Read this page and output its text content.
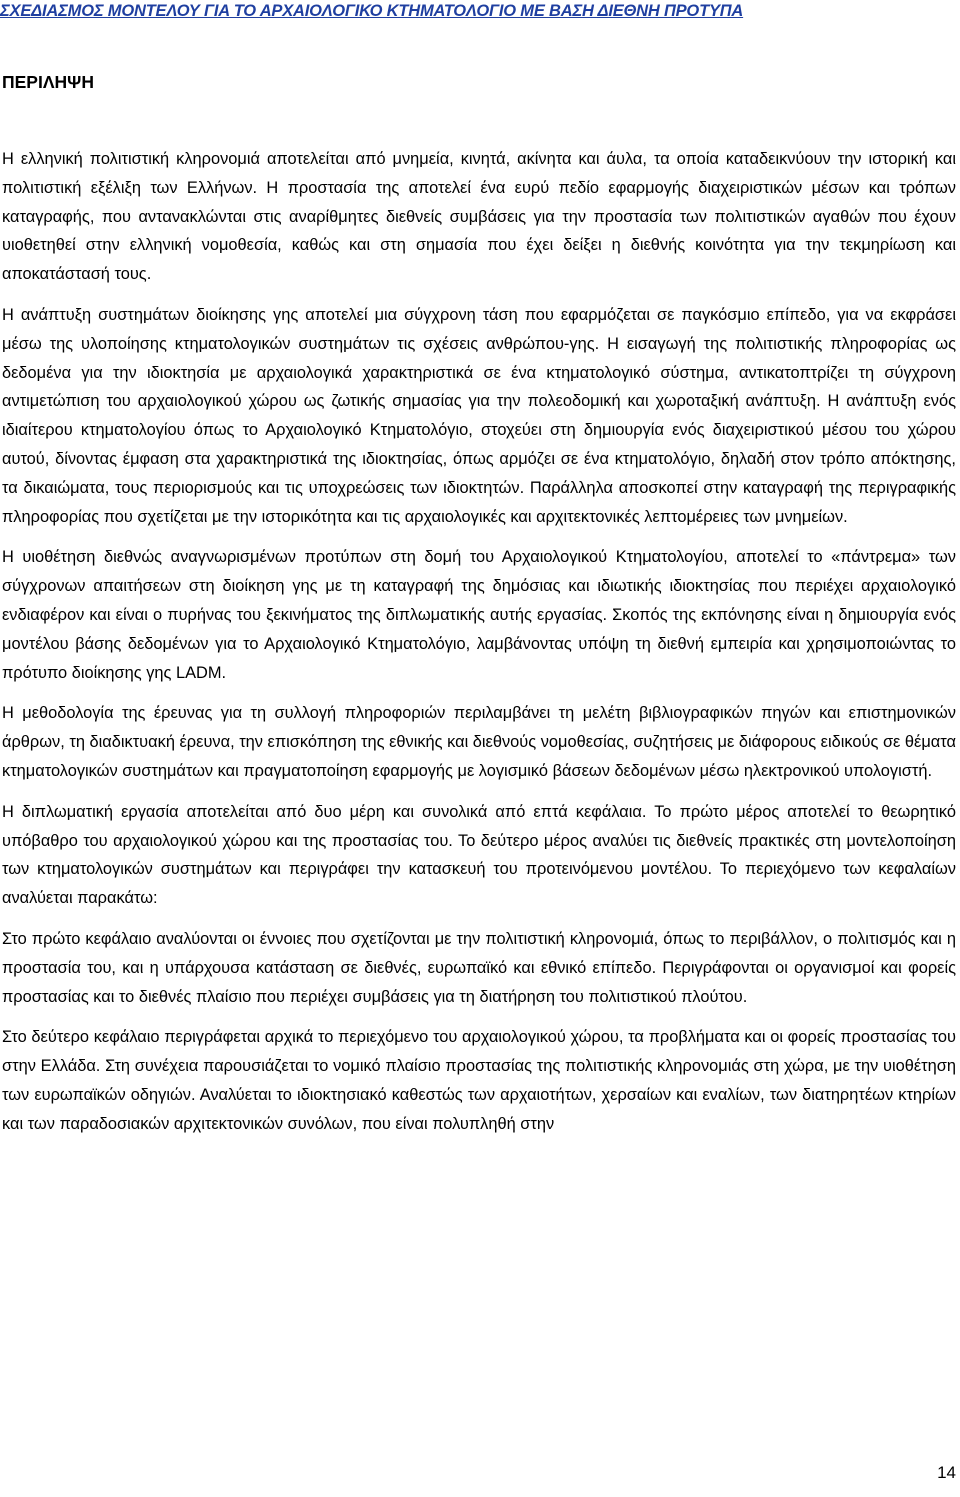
ΣΧΕΔΙΑΣΜΟΣ ΜΟΝΤΕΛΟΥ ΓΙΑ ΤΟ ΑΡΧΑΙΟΛΟΓΙΚΟ ΚΤΗΜΑΤΟΛΟΓΙΟ ΜΕ ΒΑΣΗ ΔΙΕΘΝΗ ΠΡΟΤΥΠΑ
ΠΕΡΙΛΗΨΗ

Η ελληνική πολιτιστική κληρονομιά αποτελείται από μνημεία, κινητά, ακίνητα και άυλα, τα οποία καταδεικνύουν την ιστορική και πολιτιστική εξέλιξη των Ελλήνων. Η προστασία της αποτελεί ένα ευρύ πεδίο εφαρμογής διαχειριστικών μέσων και τρόπων καταγραφής, που αντανακλώνται στις αναρίθμητες διεθνείς συμβάσεις για την προστασία των πολιτιστικών αγαθών που έχουν υιοθετηθεί στην ελληνική νομοθεσία, καθώς και στη σημασία που έχει δείξει η διεθνής κοινότητα για την τεκμηρίωση και αποκατάστασή τους.

Η ανάπτυξη συστημάτων διοίκησης γης αποτελεί μια σύγχρονη τάση που εφαρμόζεται σε παγκόσμιο επίπεδο, για να εκφράσει μέσω της υλοποίησης κτηματολογικών συστημάτων τις σχέσεις ανθρώπου-γης. Η εισαγωγή της πολιτιστικής πληροφορίας ως δεδομένα για την ιδιοκτησία με αρχαιολογικά χαρακτηριστικά σε ένα κτηματολογικό σύστημα, αντικατοπτρίζει τη σύγχρονη αντιμετώπιση του αρχαιολογικού χώρου ως ζωτικής σημασίας για την πολεοδομική και χωροταξική ανάπτυξη. Η ανάπτυξη ενός ιδιαίτερου κτηματολογίου όπως το Αρχαιολογικό Κτηματολόγιο, στοχεύει στη δημιουργία ενός διαχειριστικού μέσου του χώρου αυτού, δίνοντας έμφαση στα χαρακτηριστικά της ιδιοκτησίας, όπως αρμόζει σε ένα κτηματολόγιο, δηλαδή στον τρόπο απόκτησης, τα δικαιώματα, τους περιορισμούς και τις υποχρεώσεις των ιδιοκτητών. Παράλληλα αποσκοπεί στην καταγραφή της περιγραφικής πληροφορίας που σχετίζεται με την ιστορικότητα και τις αρχαιολογικές και αρχιτεκτονικές λεπτομέρειες των μνημείων.

Η υιοθέτηση διεθνώς αναγνωρισμένων προτύπων στη δομή του Αρχαιολογικού Κτηματολογίου, αποτελεί το «πάντρεμα» των σύγχρονων απαιτήσεων στη διοίκηση γης με τη καταγραφή της δημόσιας και ιδιωτικής ιδιοκτησίας που περιέχει αρχαιολογικό ενδιαφέρον και είναι ο πυρήνας του ξεκινήματος της διπλωματικής αυτής εργασίας. Σκοπός της εκπόνησης είναι η δημιουργία ενός μοντέλου βάσης δεδομένων για το Αρχαιολογικό Κτηματολόγιο, λαμβάνοντας υπόψη τη διεθνή εμπειρία και χρησιμοποιώντας το πρότυπο διοίκησης γης LADM.

Η μεθοδολογία της έρευνας για τη συλλογή πληροφοριών περιλαμβάνει τη μελέτη βιβλιογραφικών πηγών και επιστημονικών άρθρων, τη διαδικτυακή έρευνα, την επισκόπηση της εθνικής και διεθνούς νομοθεσίας, συζητήσεις με διάφορους ειδικούς σε θέματα κτηματολογικών συστημάτων και πραγματοποίηση εφαρμογής με λογισμικό βάσεων δεδομένων μέσω ηλεκτρονικού υπολογιστή.

Η διπλωματική εργασία αποτελείται από δυο μέρη και συνολικά από επτά κεφάλαια. Το πρώτο μέρος αποτελεί το θεωρητικό υπόβαθρο του αρχαιολογικού χώρου και της προστασίας του. Το δεύτερο μέρος αναλύει τις διεθνείς πρακτικές στη μοντελοποίηση των κτηματολογικών συστημάτων και περιγράφει την κατασκευή του προτεινόμενου μοντέλου. Το περιεχόμενο των κεφαλαίων αναλύεται παρακάτω:

Στο πρώτο κεφάλαιο αναλύονται οι έννοιες που σχετίζονται με την πολιτιστική κληρονομιά, όπως το περιβάλλον, ο πολιτισμός και η προστασία του, και η υπάρχουσα κατάσταση σε διεθνές, ευρωπαϊκό και εθνικό επίπεδο. Περιγράφονται οι οργανισμοί και φορείς προστασίας και το διεθνές πλαίσιο που περιέχει συμβάσεις για τη διατήρηση του πολιτιστικού πλούτου.

Στο δεύτερο κεφάλαιο περιγράφεται αρχικά το περιεχόμενο του αρχαιολογικού χώρου, τα προβλήματα και οι φορείς προστασίας του στην Ελλάδα. Στη συνέχεια παρουσιάζεται το νομικό πλαίσιο προστασίας της πολιτιστικής κληρονομιάς στη χώρα, με την υιοθέτηση των ευρωπαϊκών οδηγιών. Αναλύεται το ιδιοκτησιακό καθεστώς των αρχαιοτήτων, χερσαίων και εναλίων, των διατηρητέων κτηρίων και των παραδοσιακών αρχιτεκτονικών συνόλων, που είναι πολυπληθή στην

14
